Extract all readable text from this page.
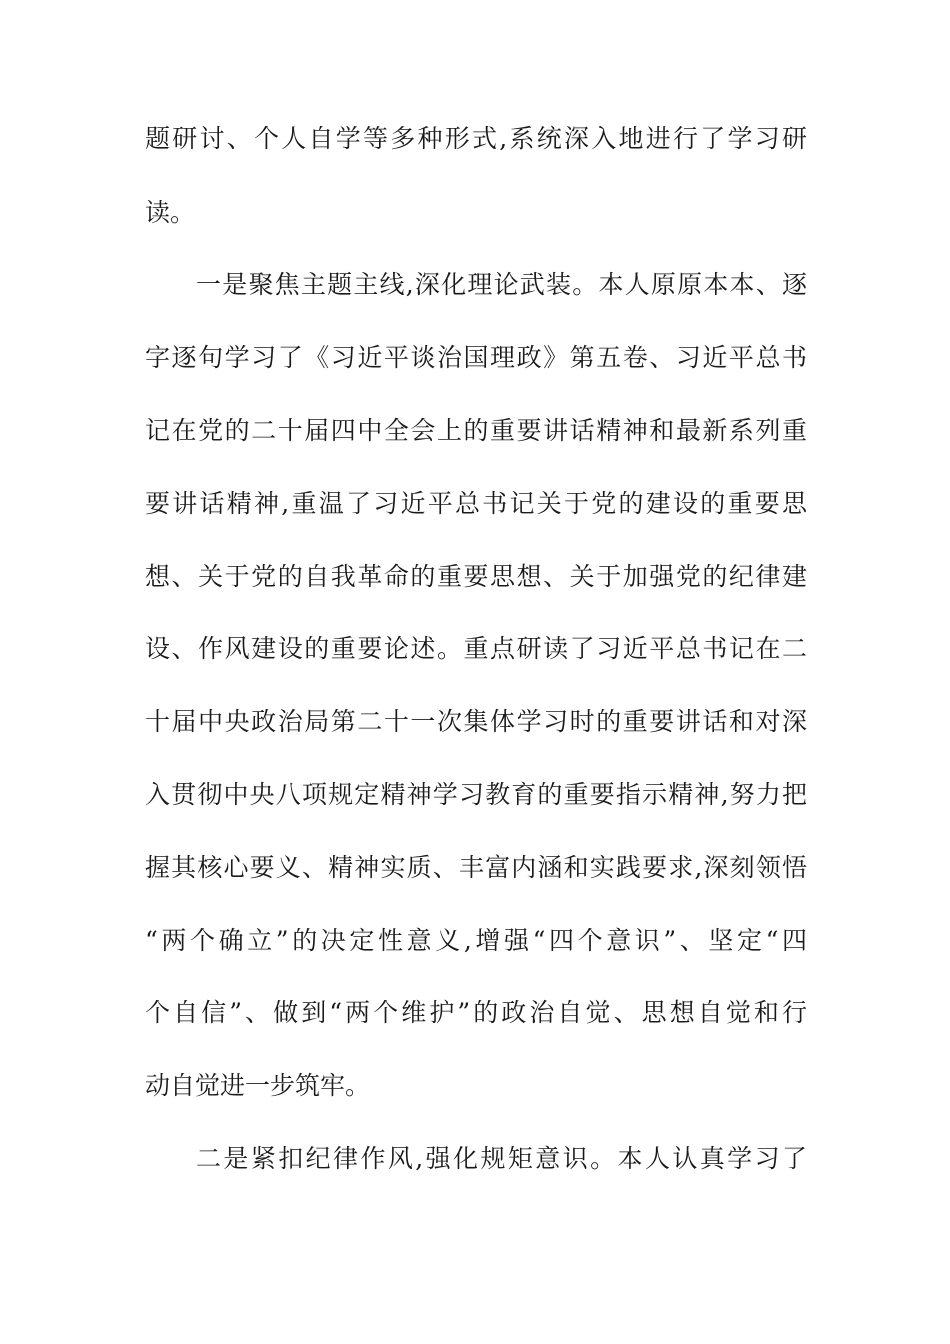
题研讨、个人自学等多种形式,系统深入地进行了学习研

读。

一是聚焦主题主线,深化理论武装。本人原原本本、逐

字逐句学习了《习近平谈治国理政》第五卷、习近平总书

记在党的二十届四中全会上的重要讲话精神和最新系列重

要讲话精神,重温了习近平总书记关于党的建设的重要思

想、关于党的自我革命的重要思想、关于加强党的纪律建

设、作风建设的重要论述。重点研读了习近平总书记在二

十届中央政治局第二十一次集体学习时的重要讲话和对深

入贯彻中央八项规定精神学习教育的重要指示精神,努力把

握其核心要义、精神实质、丰富内涵和实践要求,深刻领悟

“两个确立”的决定性意义,增强“四个意识”、坚定“四

个自信”、做到“两个维护”的政治自觉、思想自觉和行

动自觉进一步筑牢。

二是紧扣纪律作风,强化规矩意识。本人认真学习了
